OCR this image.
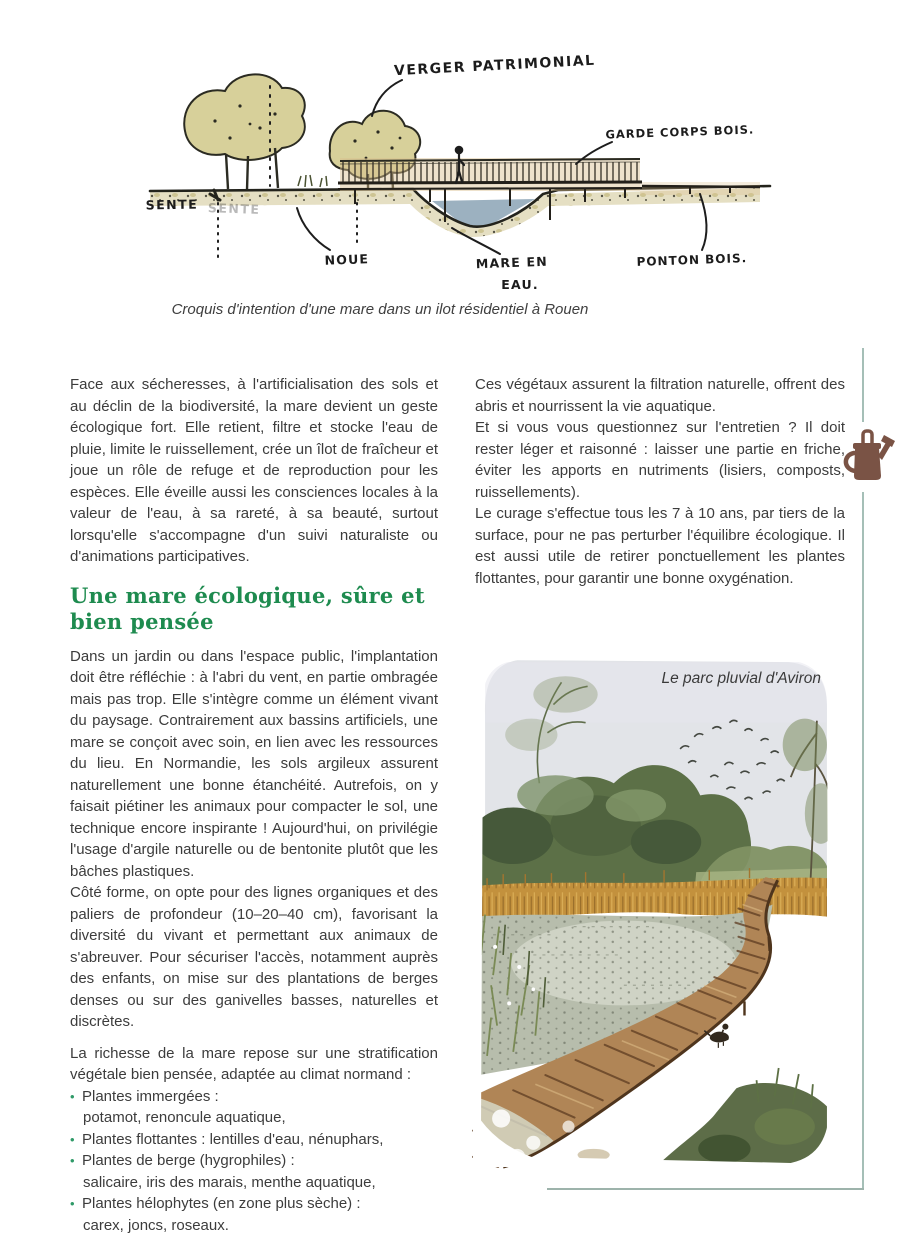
VERGER PATRIMONIAL
GARDE CORPS BOIS.
SENTE SENTE
NOUE	MARE EN
EAU.
PONTON BOIS.
Croquis d'intention d'une mare dans un ilot résidentiel à Rouen

Face aux sécheresses, à l'artificialisation des sols et au déclin de la biodiversité, la mare devient un geste écologique fort. Elle retient, filtre et stocke l'eau de pluie, limite le ruissellement, crée un îlot de fraîcheur et joue un rôle de refuge et de reproduction pour les espèces. Elle éveille aussi les consciences locales à la valeur de l'eau, à sa rareté, à sa beauté, surtout lorsqu'elle s'accompagne d'un suivi naturaliste ou d'animations participatives.

Une mare écologique, sûre et bien pensée

Dans un jardin ou dans l'espace public, l'implantation doit être réfléchie : à l'abri du vent, en partie ombragée mais pas trop. Elle s'intègre comme un élément vivant du paysage. Contrairement aux bassins artificiels, une mare se conçoit avec soin, en lien avec les ressources du lieu. En Normandie, les sols argileux assurent naturellement une bonne étanchéité. Autrefois, on y faisait piétiner les animaux pour compacter le sol, une technique encore inspirante ! Aujourd'hui, on privilégie l'usage d'argile naturelle ou de bentonite plutôt que les bâches plastiques.

Côté forme, on opte pour des lignes organiques et des paliers de profondeur (10–20–40 cm), favorisant la diversité du vivant et permettant aux animaux de s'abreuver. Pour sécuriser l'accès, notamment auprès des enfants, on mise sur des plantations de berges denses ou sur des ganivelles basses, naturelles et discrètes.

La richesse de la mare repose sur une stratification végétale bien pensée, adaptée au climat normand :

•
Plantes immergées :
potamot, renoncule aquatique,
•
Plantes flottantes : lentilles d'eau, nénuphars,
•
Plantes de berge (hygrophiles) :
salicaire, iris des marais, menthe aquatique,
•
Plantes hélophytes (en zone plus sèche) :
carex, joncs, roseaux.

Ces végétaux assurent la filtration naturelle, offrent des abris et nourrissent la vie aquatique.

Et si vous vous questionnez sur l'entretien ? Il doit rester léger et raisonné : laisser une partie en friche, éviter les apports en nutriments (lisiers, composts, ruissellements).

Le curage s'effectue tous les 7 à 10 ans, par tiers de la surface, pour ne pas perturber l'équilibre écologique. Il est aussi utile de retirer ponctuellement les plantes flottantes, pour garantir une bonne oxygénation.

Le parc pluvial d'Aviron
